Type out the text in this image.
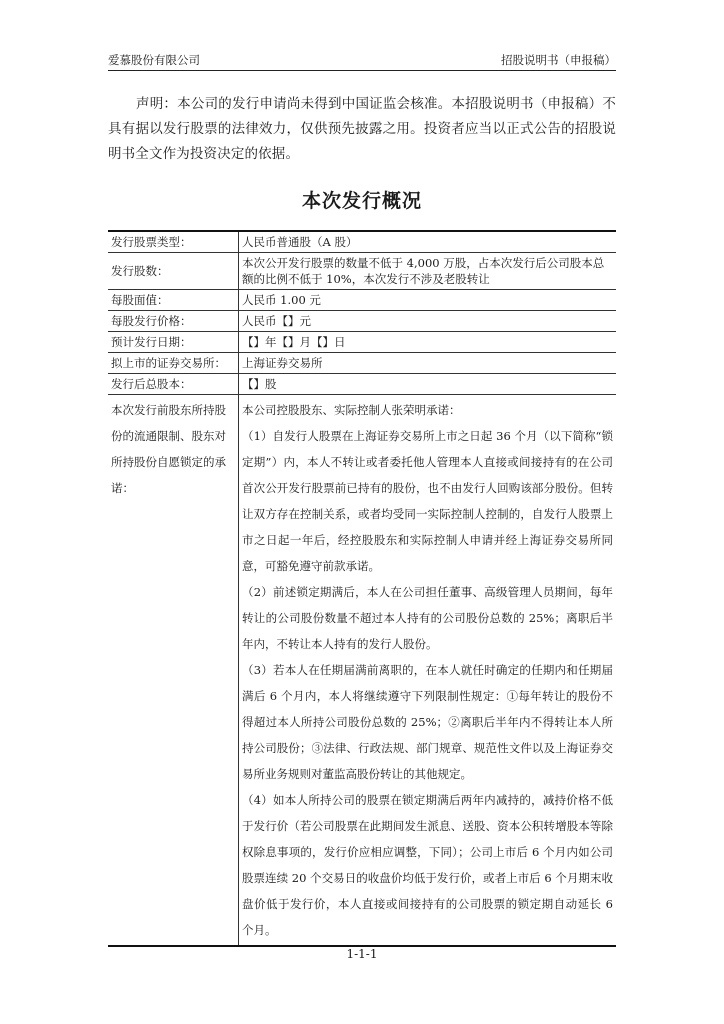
爱慕股份有限公司	招股说明书（申报稿）

声明：本公司的发行申请尚未得到中国证监会核准。本招股说明书（申报稿）不具有据以发行股票的法律效力，仅供预先披露之用。投资者应当以正式公告的招股说明书全文作为投资决定的依据。

本次发行概况
发行股票类型：	人民币普通股（A 股）
发行股数：	本次公开发行股票的数量不低于 4,000 万股，占本次发行后公司股本总额的比例不低于 10%，本次发行不涉及老股转让
每股面值：	人民币 1.00 元
每股发行价格：	人民币【】元
预计发行日期：	【】年【】月【】日
拟上市的证券交易所：	上海证券交易所
发行后总股本：	【】股
本次发行前股东所持股份的流通限制、股东对所持股份自愿锁定的承诺：	本公司控股股东、实际控制人张荣明承诺：
（1）自发行人股票在上海证券交易所上市之日起 36 个月（以下简称“锁定期”）内，本人不转让或者委托他人管理本人直接或间接持有的在公司首次公开发行股票前已持有的股份，也不由发行人回购该部分股份。但转让双方存在控制关系，或者均受同一实际控制人控制的，自发行人股票上市之日起一年后，经控股股东和实际控制人申请并经上海证券交易所同意，可豁免遵守前款承诺。
（2）前述锁定期满后，本人在公司担任董事、高级管理人员期间，每年转让的公司股份数量不超过本人持有的公司股份总数的 25%；离职后半年内，不转让本人持有的发行人股份。
（3）若本人在任期届满前离职的，在本人就任时确定的任期内和任期届满后 6 个月内，本人将继续遵守下列限制性规定：①每年转让的股份不得超过本人所持公司股份总数的 25%；②离职后半年内不得转让本人所持公司股份；③法律、行政法规、部门规章、规范性文件以及上海证券交易所业务规则对董监高股份转让的其他规定。
（4）如本人所持公司的股票在锁定期满后两年内减持的，减持价格不低于发行价（若公司股票在此期间发生派息、送股、资本公积转增股本等除权除息事项的，发行价应相应调整，下同）；公司上市后 6 个月内如公司股票连续 20 个交易日的收盘价均低于发行价，或者上市后 6 个月期末收盘价低于发行价，本人直接或间接持有的公司股票的锁定期自动延长 6 个月。
1-1-1
